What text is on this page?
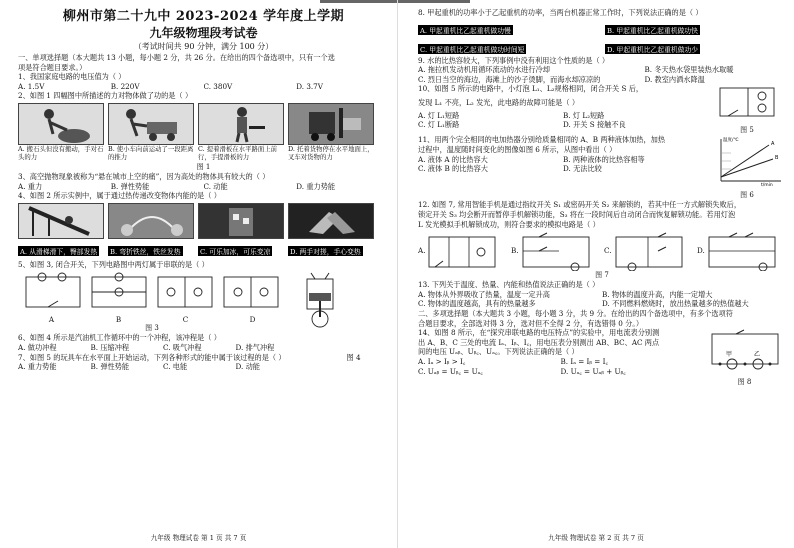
柳州市第二十九中 2023-2024 学年度上学期
九年级物理段考试卷
（考试时间共 90 分钟，满分 100 分）
一、单项选择题（本大题共 13 小题，每小题 2 分，共 26 分。在给出的四个备选项中，只有一个选
项是符合题目要求。）
1、我国家庭电路的电压值为（ ）
A. 1.5V	B. 220V	C. 380V	D. 3.7V
2、如图 1 四幅图中所描述的力对物体做了功的是（ ）
A. 搬石头但没有搬动，手对石头的力
B. 使小车向前运动了一段距离的推力
C. 提着滑板在水平路面上前行，手提滑板的力
D. 托着货物停在水平地面上，叉车对货物的力
图 1
3、高空抛物现象被称为“悬在城市上空的痛”，因为高处的物体具有较大的（ ）
A. 重力	B. 弹性势能	C. 动能	D. 重力势能
4、如图 2 所示实例中，属于通过热传递改变物体内能的是（ ）
A. 从滑梯滑下，臀部发热	B. 弯折铁丝，铁丝发热	C. 可乐加冰，可乐变凉	D. 两手对搓，手心变热
5、如图 3, 闭合开关，下列电路图中两灯属于串联的是（ ）
A	B	C	D
图 3
6、如图 4 所示是汽油机工作循环中的一个冲程，该冲程是（ ）
A. 做功冲程	B. 压缩冲程	C. 吸气冲程	D. 排气冲程
7、如图 5 的玩具车在水平面上开始运动，下列各种形式的能中属于该过程的是（ ）	图 4
A. 重力势能	B. 弹性势能	C. 电能	D. 动能
九年级 物理试卷 第 1 页 共 7 页
8. 甲起重机的功率小于乙起重机的功率，当两台机器正常工作时，下列说法正确的是（ ）
A. 甲起重机比乙起重机做功慢	B. 甲起重机比乙起重机做功快
C. 甲起重机比乙起重机做功时间短	D. 甲起重机比乙起重机做功少
9. 水的比热容较大，下列事例中没有利用这个性质的是（ ）
A. 拖拉机发动机用循环流动的水进行冷却	B. 冬天热水袋里装热水取暖
C. 烈日当空的海边，海滩上的沙子烫脚，而海水却凉凉的	D. 教室内洒水降温
10、如图 5 所示的电路中，小灯泡 L₁、L₂规格相同，闭合开关 S 后，
发现 L₁ 不亮，L₂ 发光，此电路的故障可能是（ ）
A. 灯 L₁短路	B. 灯 L₂短路
C. 灯 L₁断路	D. 开关 S 接触不良
图 5
11、用两个完全相同的电加热器分别给质量相同的 A、B 两种液体加热，加热
过程中，温度随时间变化的图像如图 6 所示，从图中看出（ ）
A. 液体 A 的比热容大	B. 两种液体的比热容相等
C. 液体 B 的比热容大	D. 无法比较
A
B
温度/℃
t/min
图 6
12. 如图 7, 常用智能手机是通过指纹开关 S₁ 或密码开关 S₂ 来解锁的，若其中任一方式解锁失败后，
锁定开关 S₃ 均会断开而暂停手机解锁功能，S₃ 将在一段时间后自动闭合而恢复解锁功能。若用灯泡
L 发光模拟手机解锁成功，则符合要求的模拟电路是（ ）
A.	B.	C.	D.
图 7
13. 下列关于温度、热量、内能和热值说法正确的是（ ）
A. 物体从外界吸收了热量，温度一定升高	B. 物体的温度升高，内能一定增大
C. 物体的温度越高，具有的热量越多	D. 不同燃料燃烧时，放出热量越多的热值越大
二、多项选择题（本大题共 3 小题，每小题 3 分，共 9 分。在给出的四个备选项中，有多个选项符
合题目要求，全部选对得 3 分，选对但不全得 2 分，有选错得 0 分。）
14、如图 8 所示，在“探究串联电路的电压特点”的实验中，用电流表分别测
出 A、B、C 三处的电流 Iₐ、Iᵦ、I꜀，用电压表分别测出 AB、BC、AC 两点
间的电压 Uₐᵦ、Uᵦ꜀、Uₐ꜀。下列说法正确的是（ ）
A. Iₐ > Iᵦ > I꜀	B. Iₐ = Iᵦ = I꜀
C. Uₐᵦ = Uᵦ꜀ = Uₐ꜀	D. Uₐ꜀ = Uₐᵦ + Uᵦ꜀
甲	乙
图 8
九年级 物理试卷 第 2 页 共 7 页
